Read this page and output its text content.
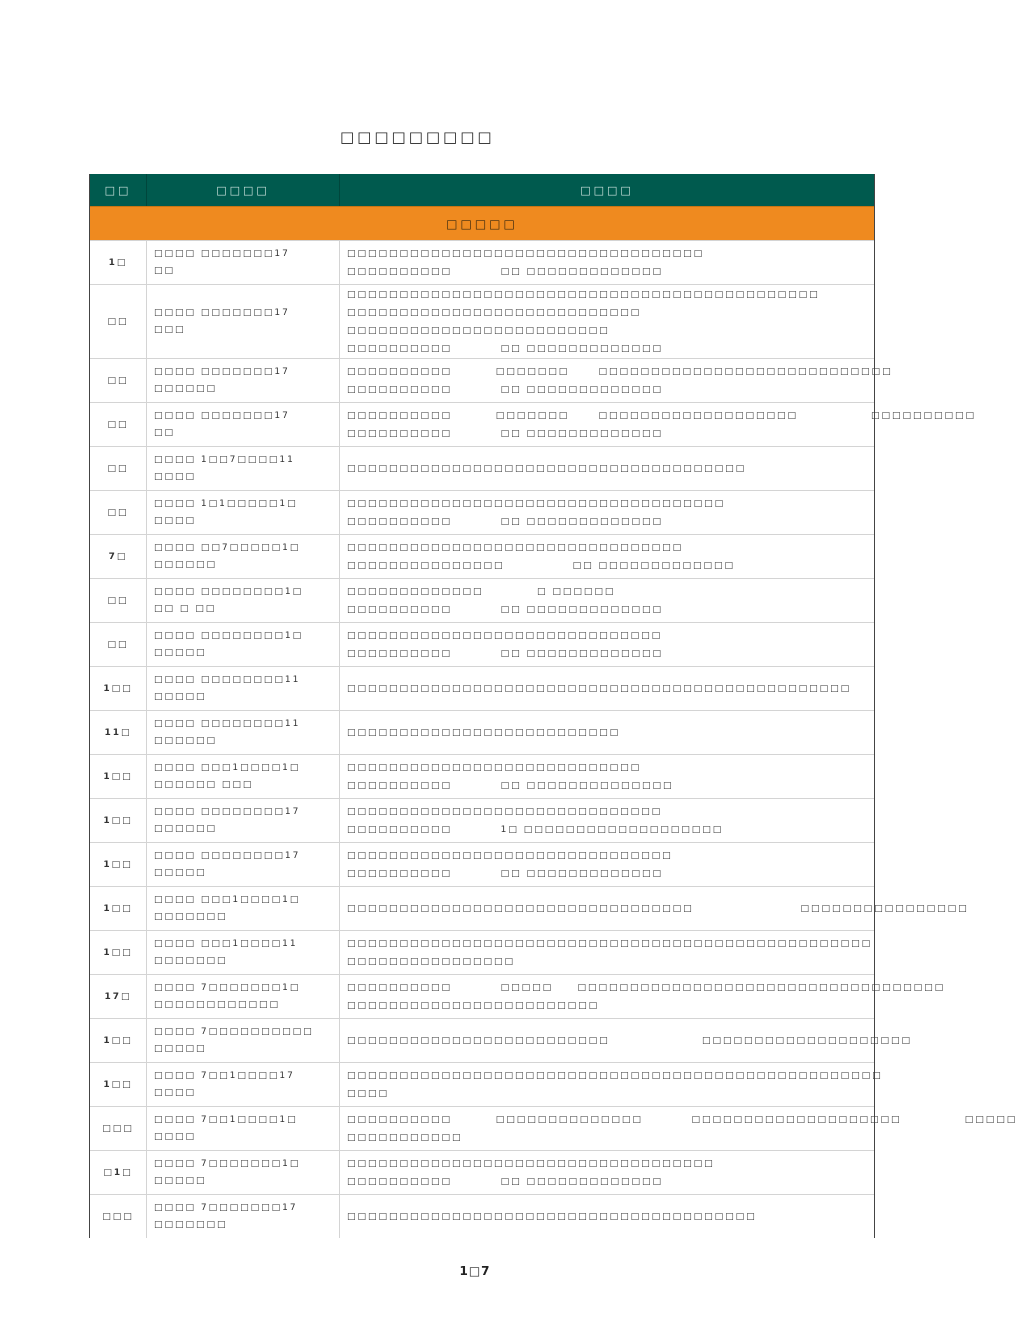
□□□□□□□□□
□□	□□□□	□□□□
□□□□□
1□
□□□□ □□□□□□□17
□□
□□□□□□□□□□□□□□□□□□□□□□□□□□□□□□□□□□
□□□□□□□□□□          □□ □□□□□□□□□□□□□
□□
□□□□ □□□□□□□17
□□□
□□□□□□□□□□□□□□□□□□□□□□□□□□□□□□□□□□□□□□□□□□□□□
□□□□□□□□□□□□□□□□□□□□□□□□□□□□
□□□□□□□□□□□□□□□□□□□□□□□□□
□□□□□□□□□□          □□ □□□□□□□□□□□□□
□□
□□□□ □□□□□□□17
□□□□□□
□□□□□□□□□□         □□□□□□□      □□□□□□□□□□□□□□□□□□□□□□□□□□□□
□□□□□□□□□□          □□ □□□□□□□□□□□□□
□□
□□□□ □□□□□□□17
□□
□□□□□□□□□□         □□□□□□□      □□□□□□□□□□□□□□□□□□□               □□□□□□□□□□
□□□□□□□□□□          □□ □□□□□□□□□□□□□
□□
□□□□ 1□□7□□□□11
□□□□
□□□□□□□□□□□□□□□□□□□□□□□□□□□□□□□□□□□□□□
□□
□□□□ 1□1□□□□□1□
□□□□
□□□□□□□□□□□□□□□□□□□□□□□□□□□□□□□□□□□□
□□□□□□□□□□          □□ □□□□□□□□□□□□□
7□
□□□□ □□7□□□□□1□
□□□□□□
□□□□□□□□□□□□□□□□□□□□□□□□□□□□□□□□
□□□□□□□□□□□□□□□              □□ □□□□□□□□□□□□□
□□
□□□□ □□□□□□□□1□
□□ □ □□
□□□□□□□□□□□□□           □ □□□□□□
□□□□□□□□□□          □□ □□□□□□□□□□□□□
□□
□□□□ □□□□□□□□1□
□□□□□
□□□□□□□□□□□□□□□□□□□□□□□□□□□□□□
□□□□□□□□□□          □□ □□□□□□□□□□□□□
1□□
□□□□ □□□□□□□□11
□□□□□
□□□□□□□□□□□□□□□□□□□□□□□□□□□□□□□□□□□□□□□□□□□□□□□□
11□
□□□□ □□□□□□□□11
□□□□□□
□□□□□□□□□□□□□□□□□□□□□□□□□□
1□□
□□□□ □□□1□□□□1□
□□□□□□ □□□
□□□□□□□□□□□□□□□□□□□□□□□□□□□□
□□□□□□□□□□          □□ □□□□□□□□□□□□□□
1□□
□□□□ □□□□□□□□17
□□□□□□
□□□□□□□□□□□□□□□□□□□□□□□□□□□□□□
□□□□□□□□□□          1□ □□□□□□□□□□□□□□□□□□□
1□□
□□□□ □□□□□□□□17
□□□□□
□□□□□□□□□□□□□□□□□□□□□□□□□□□□□□□
□□□□□□□□□□          □□ □□□□□□□□□□□□□
1□□
□□□□ □□□1□□□□1□
□□□□□□□
□□□□□□□□□□□□□□□□□□□□□□□□□□□□□□□□□                      □□□□□□□□□□□□□□□□
1□□
□□□□ □□□1□□□□11
□□□□□□□
□□□□□□□□□□□□□□□□□□□□□□□□□□□□□□□□□□□□□□□□□□□□□□□□□□
□□□□□□□□□□□□□□□□
17□
□□□□ 7□□□□□□□1□
□□□□□□□□□□□□
□□□□□□□□□□          □□□□□     □□□□□□□□□□□□□□□□□□□□□□□□□□□□□□□□□□□
□□□□□□□□□□□□□□□□□□□□□□□□
1□□
□□□□ 7□□□□□□□□□□
□□□□□
□□□□□□□□□□□□□□□□□□□□□□□□□                   □□□□□□□□□□□□□□□□□□□□
1□□
□□□□ 7□□1□□□□17
□□□□
□□□□□□□□□□□□□□□□□□□□□□□□□□□□□□□□□□□□□□□□□□□□□□□□□□□
□□□□
□□□
□□□□ 7□□1□□□□1□
□□□□
□□□□□□□□□□         □□□□□□□□□□□□□□          □□□□□□□□□□□□□□□□□□□□             □□□□□
□□□□□□□□□□□
□1□
□□□□ 7□□□□□□□1□
□□□□□
□□□□□□□□□□□□□□□□□□□□□□□□□□□□□□□□□□□
□□□□□□□□□□          □□ □□□□□□□□□□□□□
□□□
□□□□ 7□□□□□□□17
□□□□□□□
□□□□□□□□□□□□□□□□□□□□□□□□□□□□□□□□□□□□□□□
1□7
